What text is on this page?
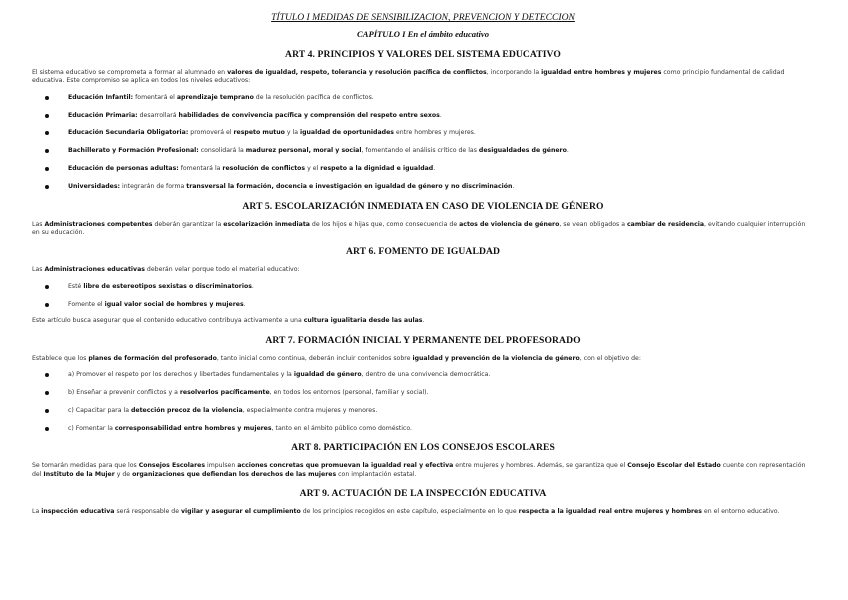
TÍTULO I MEDIDAS DE SENSIBILIZACION, PREVENCION Y DETECCION
CAPÍTULO I En el ámbito educativo
ART 4. PRINCIPIOS Y VALORES DEL SISTEMA EDUCATIVO

El sistema educativo se comprometa a formar al alumnado en valores de igualdad, respeto, tolerancia y resolución pacífica de conflictos, incorporando la igualdad entre hombres y mujeres como principio fundamental de calidad educativa. Este compromiso se aplica en todos los niveles educativos:

Educación Infantil: fomentará el aprendizaje temprano de la resolución pacífica de conflictos.
Educación Primaria: desarrollará habilidades de convivencia pacífica y comprensión del respeto entre sexos.
Educación Secundaria Obligatoria: promoverá el respeto mutuo y la igualdad de oportunidades entre hombres y mujeres.
Bachillerato y Formación Profesional: consolidará la madurez personal, moral y social, fomentando el análisis crítico de las desigualdades de género.
Educación de personas adultas: fomentará la resolución de conflictos y el respeto a la dignidad e igualdad.
Universidades: integrarán de forma transversal la formación, docencia e investigación en igualdad de género y no discriminación.
ART 5. ESCOLARIZACIÓN INMEDIATA EN CASO DE VIOLENCIA DE GÉNERO

Las Administraciones competentes deberán garantizar la escolarización inmediata de los hijos e hijas que, como consecuencia de actos de violencia de género, se vean obligados a cambiar de residencia, evitando cualquier interrupción en su educación.

ART 6. FOMENTO DE IGUALDAD

Las Administraciones educativas deberán velar porque todo el material educativo:

Esté libre de estereotipos sexistas o discriminatorios.
Fomente el igual valor social de hombres y mujeres.

Este artículo busca asegurar que el contenido educativo contribuya activamente a una cultura igualitaria desde las aulas.

ART 7. FORMACIÓN INICIAL Y PERMANENTE DEL PROFESORADO

Establece que los planes de formación del profesorado, tanto inicial como continua, deberán incluir contenidos sobre igualdad y prevención de la violencia de género, con el objetivo de:

a) Promover el respeto por los derechos y libertades fundamentales y la igualdad de género, dentro de una convivencia democrática.
b) Enseñar a prevenir conflictos y a resolverlos pacíficamente, en todos los entornos (personal, familiar y social).
c) Capacitar para la detección precoz de la violencia, especialmente contra mujeres y menores.
c) Fomentar la corresponsabilidad entre hombres y mujeres, tanto en el ámbito público como doméstico.
ART 8. PARTICIPACIÓN EN LOS CONSEJOS ESCOLARES

Se tomarán medidas para que los Consejos Escolares impulsen acciones concretas que promuevan la igualdad real y efectiva entre mujeres y hombres. Además, se garantiza que el Consejo Escolar del Estado cuente con representación del Instituto de la Mujer y de organizaciones que defiendan los derechos de las mujeres con implantación estatal.

ART 9. ACTUACIÓN DE LA INSPECCIÓN EDUCATIVA

La inspección educativa será responsable de vigilar y asegurar el cumplimiento de los principios recogidos en este capítulo, especialmente en lo que respecta a la igualdad real entre mujeres y hombres en el entorno educativo.
